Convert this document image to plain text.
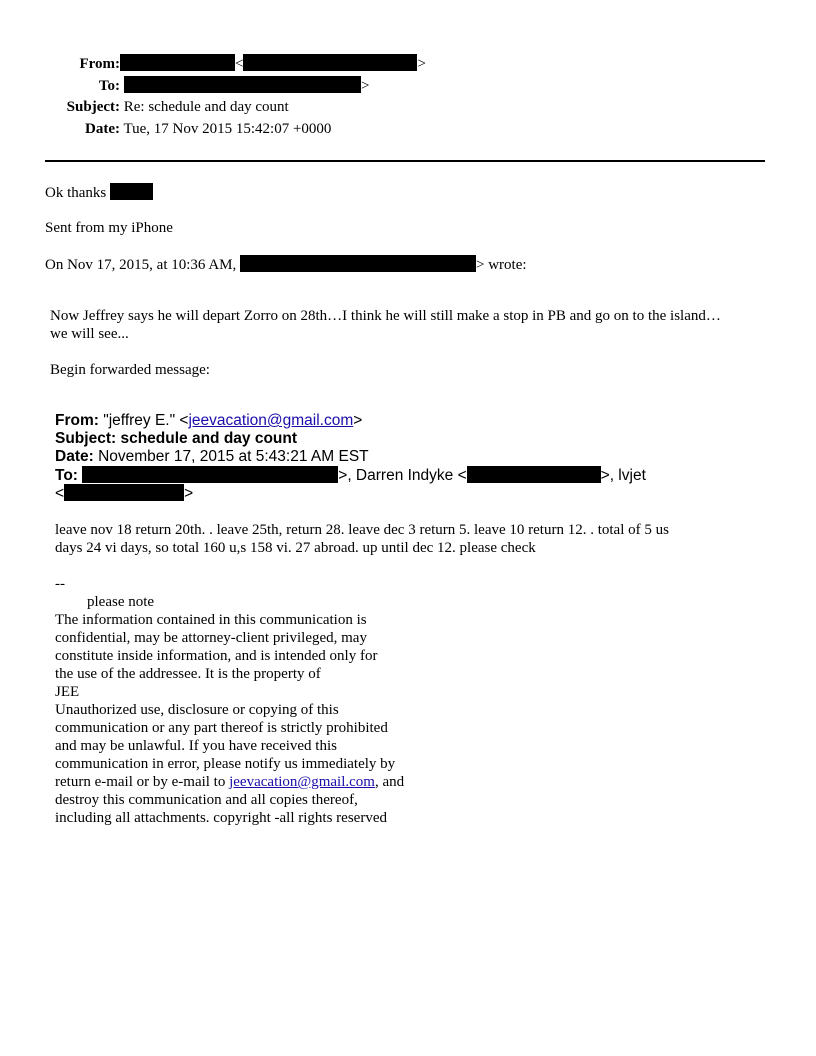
From:	<	>
To:	>
Subject: Re: schedule and day count
Date: Tue, 17 Nov 2015 15:42:07 +0000
Ok thanks
Sent from my iPhone
On Nov 17, 2015, at 10:36 AM,	> wrote:
Now Jeffrey says he will depart Zorro on 28th…I think he will still make a stop in PB and go on to the island…
we will see...
Begin forwarded message:
From: "jeffrey E." <jeevacation@gmail.com>
Subject: schedule and day count
Date: November 17, 2015 at 5:43:21 AM EST
To:	>, Darren Indyke <	>, lvjet
<	>
leave nov 18 return 20th. . leave 25th, return 28. leave dec 3 return 5. leave 10 return 12. . total of 5 us
days 24 vi days, so total 160 u,s 158 vi. 27 abroad. up until dec 12. please check
--
please note
The information contained in this communication is
confidential, may be attorney-client privileged, may
constitute inside information, and is intended only for
the use of the addressee. It is the property of
JEE
Unauthorized use, disclosure or copying of this
communication or any part thereof is strictly prohibited
and may be unlawful. If you have received this
communication in error, please notify us immediately by
return e-mail or by e-mail to jeevacation@gmail.com, and
destroy this communication and all copies thereof,
including all attachments. copyright -all rights reserved
